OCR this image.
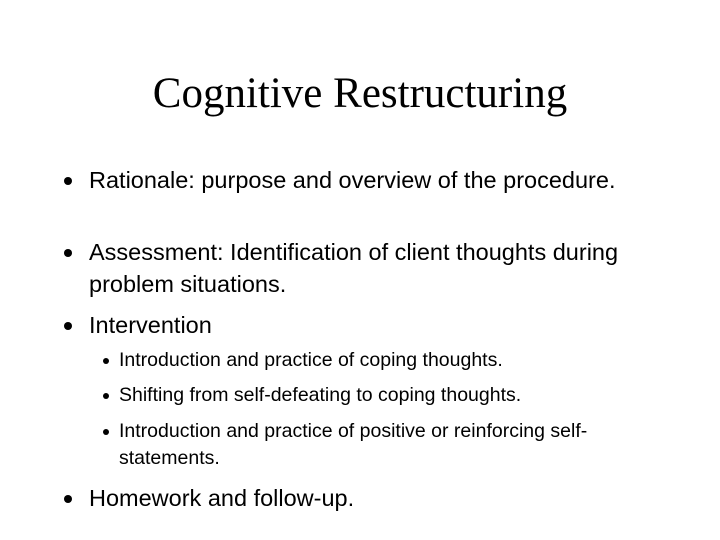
Cognitive Restructuring
Rationale: purpose and overview of the procedure.
Assessment: Identification of client thoughts during problem situations.
Intervention
Introduction and practice of coping thoughts.
Shifting from self-defeating to coping thoughts.
Introduction and practice of positive or reinforcing self-statements.
Homework and follow-up.
